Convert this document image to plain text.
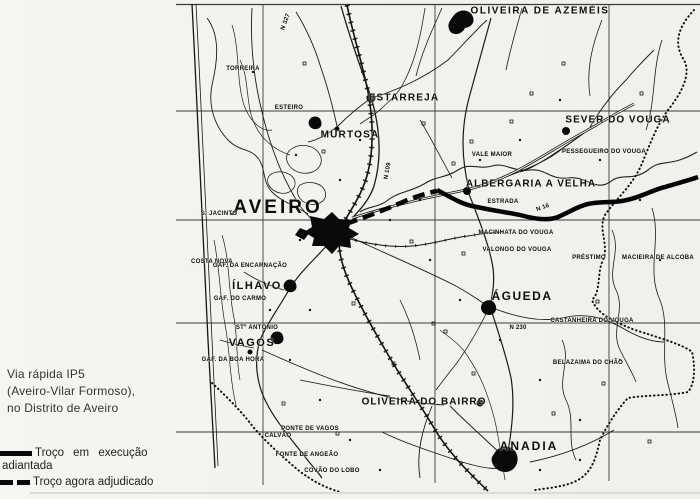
OLIVEIRA DE AZEMÉIS
ESTARREJA
MURTOSA
SEVER DO VOUGA
ALBERGARIA A VELHA
AVEIRO
ÍLHAVO
ÁGUEDA
VAGOS
OLIVEIRA DO BAIRRO
ANADIA
TORREIRA
ESTEIRO
S. JACINTO
COSTA NOVA
GAF. DA ENCARNAÇÃO
GAF. DO CARMO
STº ANTÓNIO
GAF. DA BOA HORA
PONTE DE VAGOS
CALVÃO
FONTE DE ANGEÃO
COVÃO DO LOBO
VALE MAIOR
ESTRADA
MACINHATA DO VOUGA
VALONGO DO VOUGA
PRÉSTIMO	MACIEIRA DE ALCOBA
CASTANHEIRA DO VOUGA
BELAZAIMA DO CHÃO
PESSEGUEIRO DO VOUGA
N 327
N 109
N 16
N 230
Via rápida IP5
(Aveiro-Vilar Formoso),
no Distrito de Aveiro
Troço em execução
adiantada
Troço agora adjudicado
